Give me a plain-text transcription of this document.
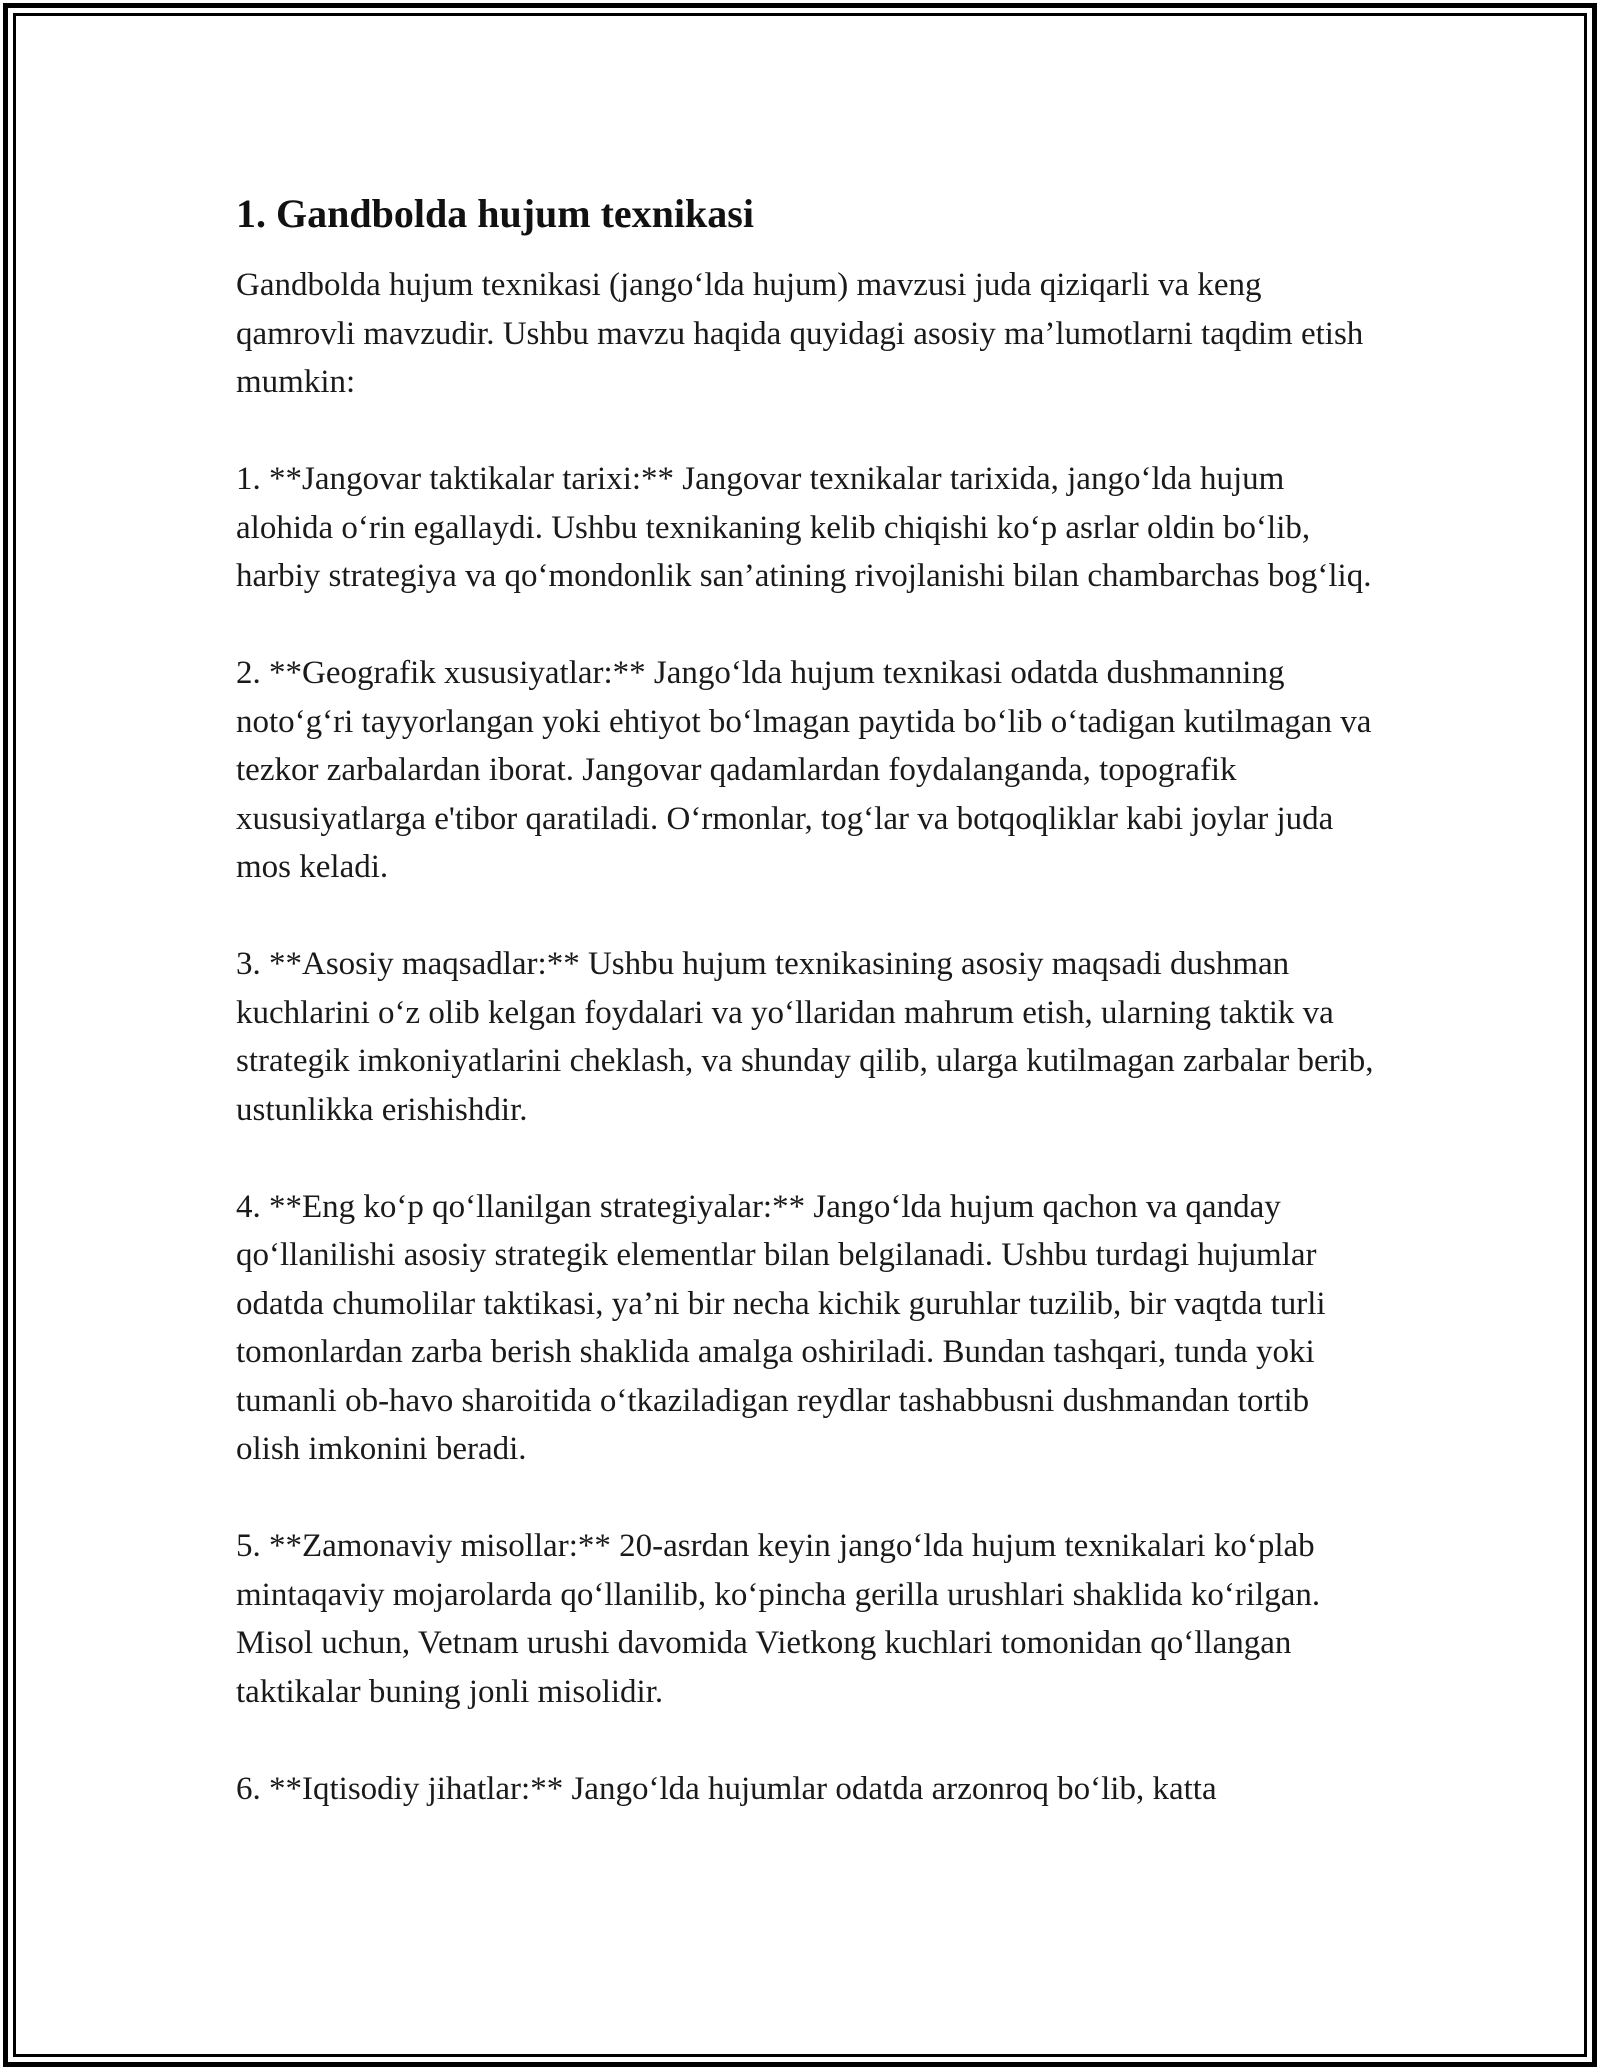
1. Gandbolda hujum texnikasi

Gandbolda hujum texnikasi (jango‘lda hujum) mavzusi juda qiziqarli va keng qamrovli mavzudir. Ushbu mavzu haqida quyidagi asosiy ma’lumotlarni taqdim etish mumkin:

1. **Jangovar taktikalar tarixi:** Jangovar texnikalar tarixida, jango‘lda hujum alohida o‘rin egallaydi. Ushbu texnikaning kelib chiqishi ko‘p asrlar oldin bo‘lib, harbiy strategiya va qo‘mondonlik san’atining rivojlanishi bilan chambarchas bog‘liq.

2. **Geografik xususiyatlar:** Jango‘lda hujum texnikasi odatda dushmanning noto‘g‘ri tayyorlangan yoki ehtiyot bo‘lmagan paytida bo‘lib o‘tadigan kutilmagan va tezkor zarbalardan iborat. Jangovar qadamlardan foydalanganda, topografik xususiyatlarga e'tibor qaratiladi. O‘rmonlar, tog‘lar va botqoqliklar kabi joylar juda mos keladi.

3. **Asosiy maqsadlar:** Ushbu hujum texnikasining asosiy maqsadi dushman kuchlarini o‘z olib kelgan foydalari va yo‘llaridan mahrum etish, ularning taktik va strategik imkoniyatlarini cheklash, va shunday qilib, ularga kutilmagan zarbalar berib, ustunlikka erishishdir.

4. **Eng ko‘p qo‘llanilgan strategiyalar:** Jango‘lda hujum qachon va qanday qo‘llanilishi asosiy strategik elementlar bilan belgilanadi. Ushbu turdagi hujumlar odatda chumolilar taktikasi, ya’ni bir necha kichik guruhlar tuzilib, bir vaqtda turli tomonlardan zarba berish shaklida amalga oshiriladi. Bundan tashqari, tunda yoki tumanli ob-havo sharoitida o‘tkaziladigan reydlar tashabbusni dushmandan tortib olish imkonini beradi.

5. **Zamonaviy misollar:** 20-asrdan keyin jango‘lda hujum texnikalari ko‘plab mintaqaviy mojarolarda qo‘llanilib, ko‘pincha gerilla urushlari shaklida ko‘rilgan. Misol uchun, Vetnam urushi davomida Vietkong kuchlari tomonidan qo‘llangan taktikalar buning jonli misolidir.

6. **Iqtisodiy jihatlar:** Jango‘lda hujumlar odatda arzonroq bo‘lib, katta
